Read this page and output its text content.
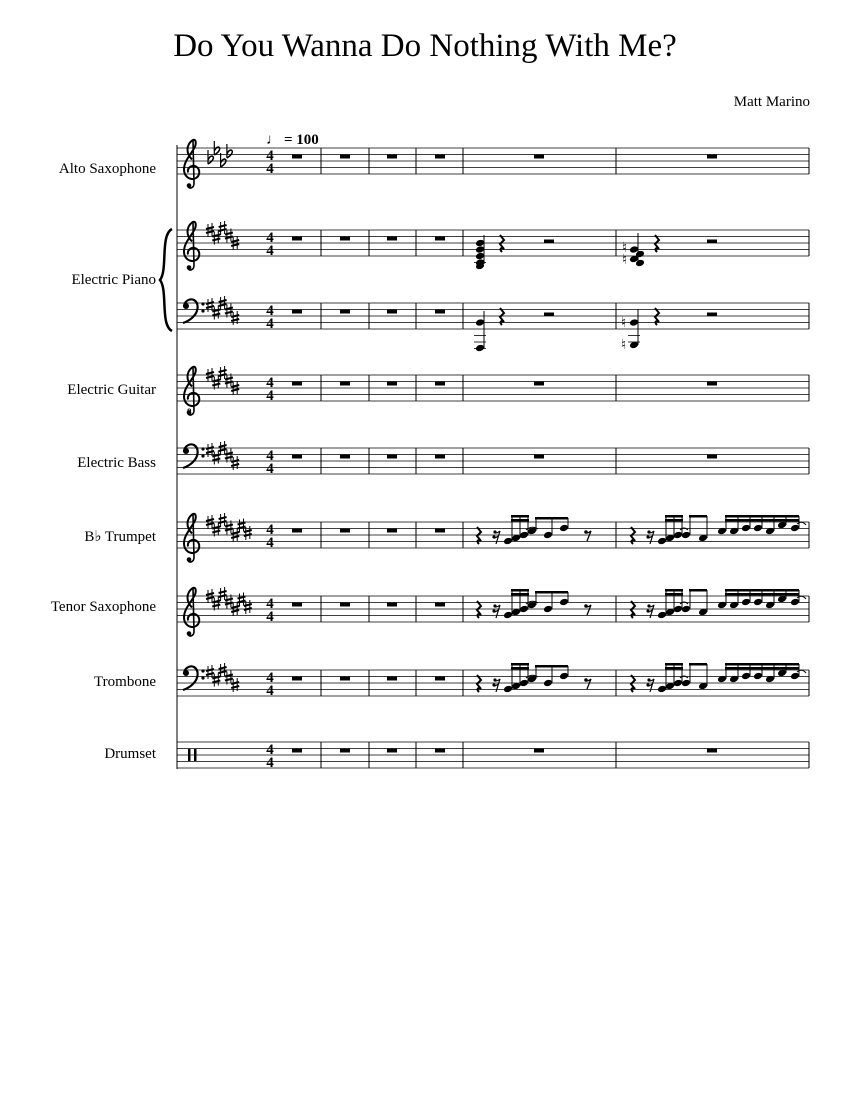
Do You Wanna Do Nothing With Me?
Matt Marino
Alto Saxophone
Electric Piano
Electric Guitar
Electric Bass
B♭ Trumpet
Tenor Saxophone
Trombone
Drumset
4
4
4
4
4
4
8
4
4
4
4
4
4
4
4
4
4
4
4
♮
♮
♮
♮
♩ = 100
